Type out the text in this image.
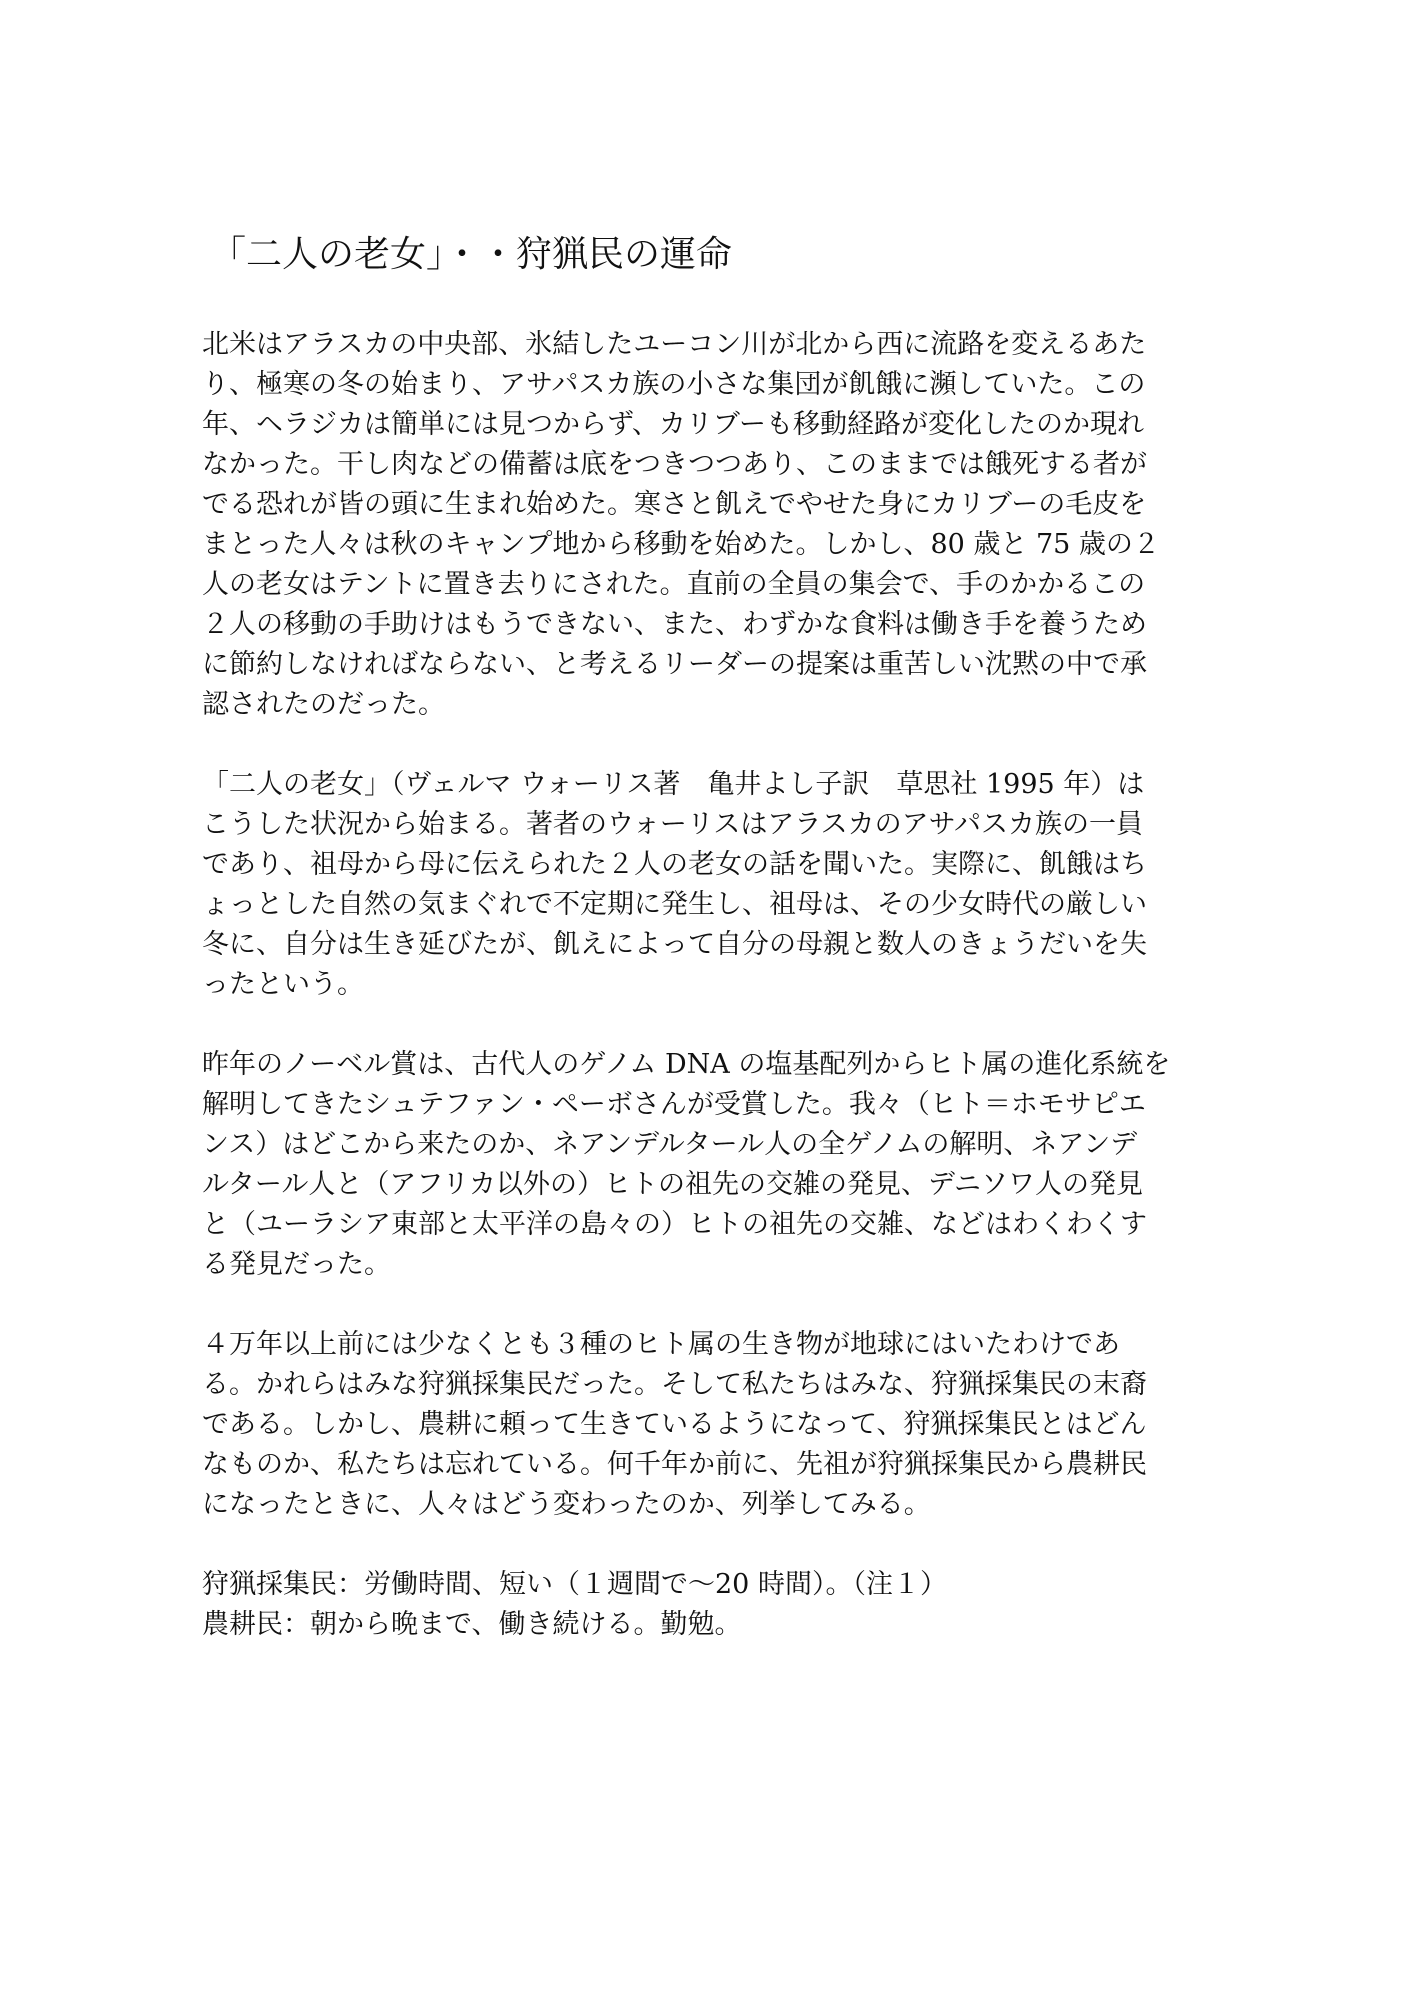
「二人の老女」・・狩猟民の運命

北米はアラスカの中央部、氷結したユーコン川が北から西に流路を変えるあた
り、極寒の冬の始まり、アサパスカ族の小さな集団が飢餓に瀕していた。この
年、ヘラジカは簡単には見つからず、カリブーも移動経路が変化したのか現れ
なかった。干し肉などの備蓄は底をつきつつあり、このままでは餓死する者が
でる恐れが皆の頭に生まれ始めた。寒さと飢えでやせた身にカリブーの毛皮を
まとった人々は秋のキャンプ地から移動を始めた。しかし、80 歳と 75 歳の２
人の老女はテントに置き去りにされた。直前の全員の集会で、手のかかるこの
２人の移動の手助けはもうできない、また、わずかな食料は働き手を養うため
に節約しなければならない、と考えるリーダーの提案は重苦しい沈黙の中で承
認されたのだった。

「二人の老女」（ヴェルマ ウォーリス著　亀井よし子訳　草思社 1995 年）は
こうした状況から始まる。著者のウォーリスはアラスカのアサパスカ族の一員
であり、祖母から母に伝えられた２人の老女の話を聞いた。実際に、飢餓はち
ょっとした自然の気まぐれで不定期に発生し、祖母は、その少女時代の厳しい
冬に、自分は生き延びたが、飢えによって自分の母親と数人のきょうだいを失
ったという。

昨年のノーベル賞は、古代人のゲノム DNA の塩基配列からヒト属の進化系統を
解明してきたシュテファン・ペーボさんが受賞した。我々（ヒト＝ホモサピエ
ンス）はどこから来たのか、ネアンデルタール人の全ゲノムの解明、ネアンデ
ルタール人と（アフリカ以外の）ヒトの祖先の交雑の発見、デニソワ人の発見
と（ユーラシア東部と太平洋の島々の）ヒトの祖先の交雑、などはわくわくす
る発見だった。

４万年以上前には少なくとも３種のヒト属の生き物が地球にはいたわけであ
る。かれらはみな狩猟採集民だった。そして私たちはみな、狩猟採集民の末裔
である。しかし、農耕に頼って生きているようになって、狩猟採集民とはどん
なものか、私たちは忘れている。何千年か前に、先祖が狩猟採集民から農耕民
になったときに、人々はどう変わったのか、列挙してみる。

狩猟採集民：労働時間、短い（１週間で～20 時間）。（注１）
農耕民：朝から晩まで、働き続ける。勤勉。
